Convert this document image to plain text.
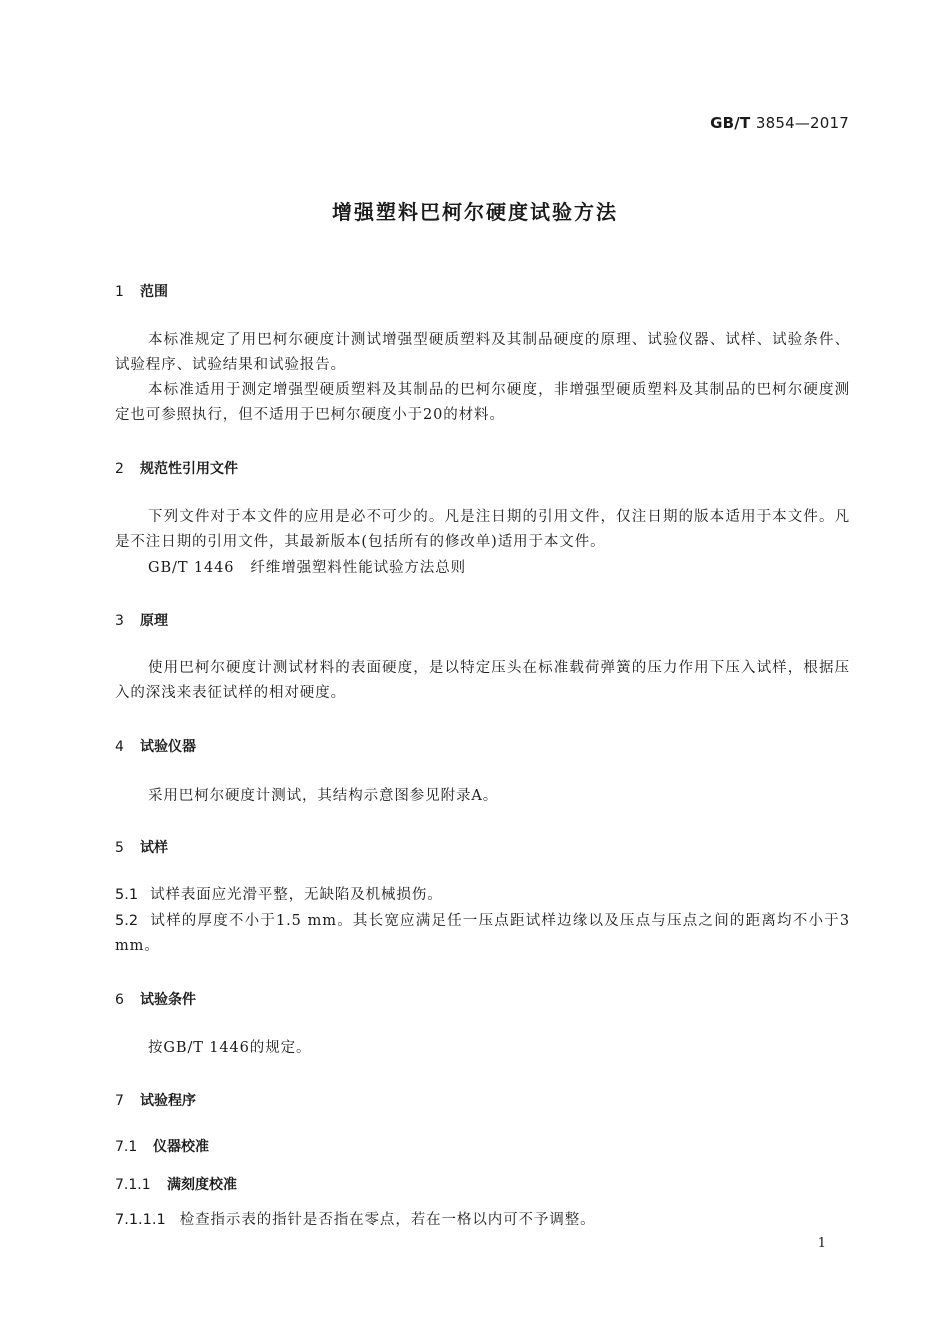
GB/T 3854—2017
增强塑料巴柯尔硬度试验方法
1 范围
本标准规定了用巴柯尔硬度计测试增强型硬质塑料及其制品硬度的原理、试验仪器、试样、试验条件、试验程序、试验结果和试验报告。
本标准适用于测定增强型硬质塑料及其制品的巴柯尔硬度，非增强型硬质塑料及其制品的巴柯尔硬度测定也可参照执行，但不适用于巴柯尔硬度小于20的材料。
2 规范性引用文件
下列文件对于本文件的应用是必不可少的。凡是注日期的引用文件，仅注日期的版本适用于本文件。凡是不注日期的引用文件，其最新版本(包括所有的修改单)适用于本文件。
GB/T 1446 纤维增强塑料性能试验方法总则
3 原理
使用巴柯尔硬度计测试材料的表面硬度，是以特定压头在标准载荷弹簧的压力作用下压入试样，根据压入的深浅来表征试样的相对硬度。
4 试验仪器
采用巴柯尔硬度计测试，其结构示意图参见附录A。
5 试样
5.1 试样表面应光滑平整，无缺陷及机械损伤。
5.2 试样的厚度不小于1.5 mm。其长宽应满足任一压点距试样边缘以及压点与压点之间的距离均不小于3 mm。
6 试验条件
按GB/T 1446的规定。
7 试验程序
7.1 仪器校准
7.1.1 满刻度校准
7.1.1.1 检查指示表的指针是否指在零点，若在一格以内可不予调整。
1
